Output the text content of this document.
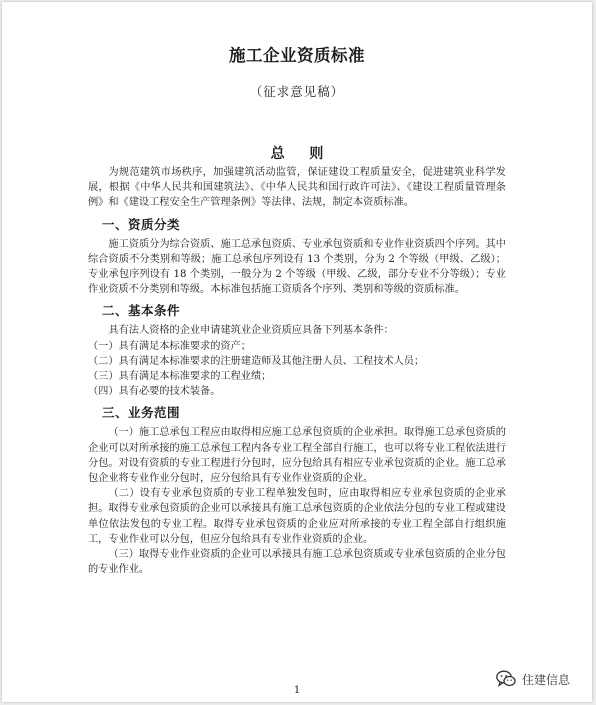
施工企业资质标准
（征求意见稿）
总 则

为规范建筑市场秩序，加强建筑活动监管，保证建设工程质量安全，促进建筑业科学发展，根据《中华人民共和国建筑法》、《中华人民共和国行政许可法》、《建设工程质量管理条例》和《建设工程安全生产管理条例》等法律、法规，制定本资质标准。

一、资质分类

施工资质分为综合资质、施工总承包资质、专业承包资质和专业作业资质四个序列。其中综合资质不分类别和等级；施工总承包序列设有 13 个类别，分为 2 个等级（甲级、乙级）；专业承包序列设有 18 个类别，一般分为 2 个等级（甲级、乙级，部分专业不分等级）；专业作业资质不分类别和等级。本标准包括施工资质各个序列、类别和等级的资质标准。

二、基本条件

具有法人资格的企业申请建筑业企业资质应具备下列基本条件：

（一）具有满足本标准要求的资产；

（二）具有满足本标准要求的注册建造师及其他注册人员、工程技术人员；

（三）具有满足本标准要求的工程业绩；

（四）具有必要的技术装备。

三、业务范围

（一）施工总承包工程应由取得相应施工总承包资质的企业承担。取得施工总承包资质的企业可以对所承接的施工总承包工程内各专业工程全部自行施工，也可以将专业工程依法进行分包。对设有资质的专业工程进行分包时，应分包给具有相应专业承包资质的企业。施工总承包企业将专业作业分包时，应分包给具有专业作业资质的企业。

（二）设有专业承包资质的专业工程单独发包时，应由取得相应专业承包资质的企业承担。取得专业承包资质的企业可以承接具有施工总承包资质的企业依法分包的专业工程或建设单位依法发包的专业工程。取得专业承包资质的企业应对所承接的专业工程全部自行组织施工，专业作业可以分包，但应分包给具有专业作业资质的企业。

（三）取得专业作业资质的企业可以承接具有施工总承包资质或专业承包资质的企业分包的专业作业。

1
住建信息
